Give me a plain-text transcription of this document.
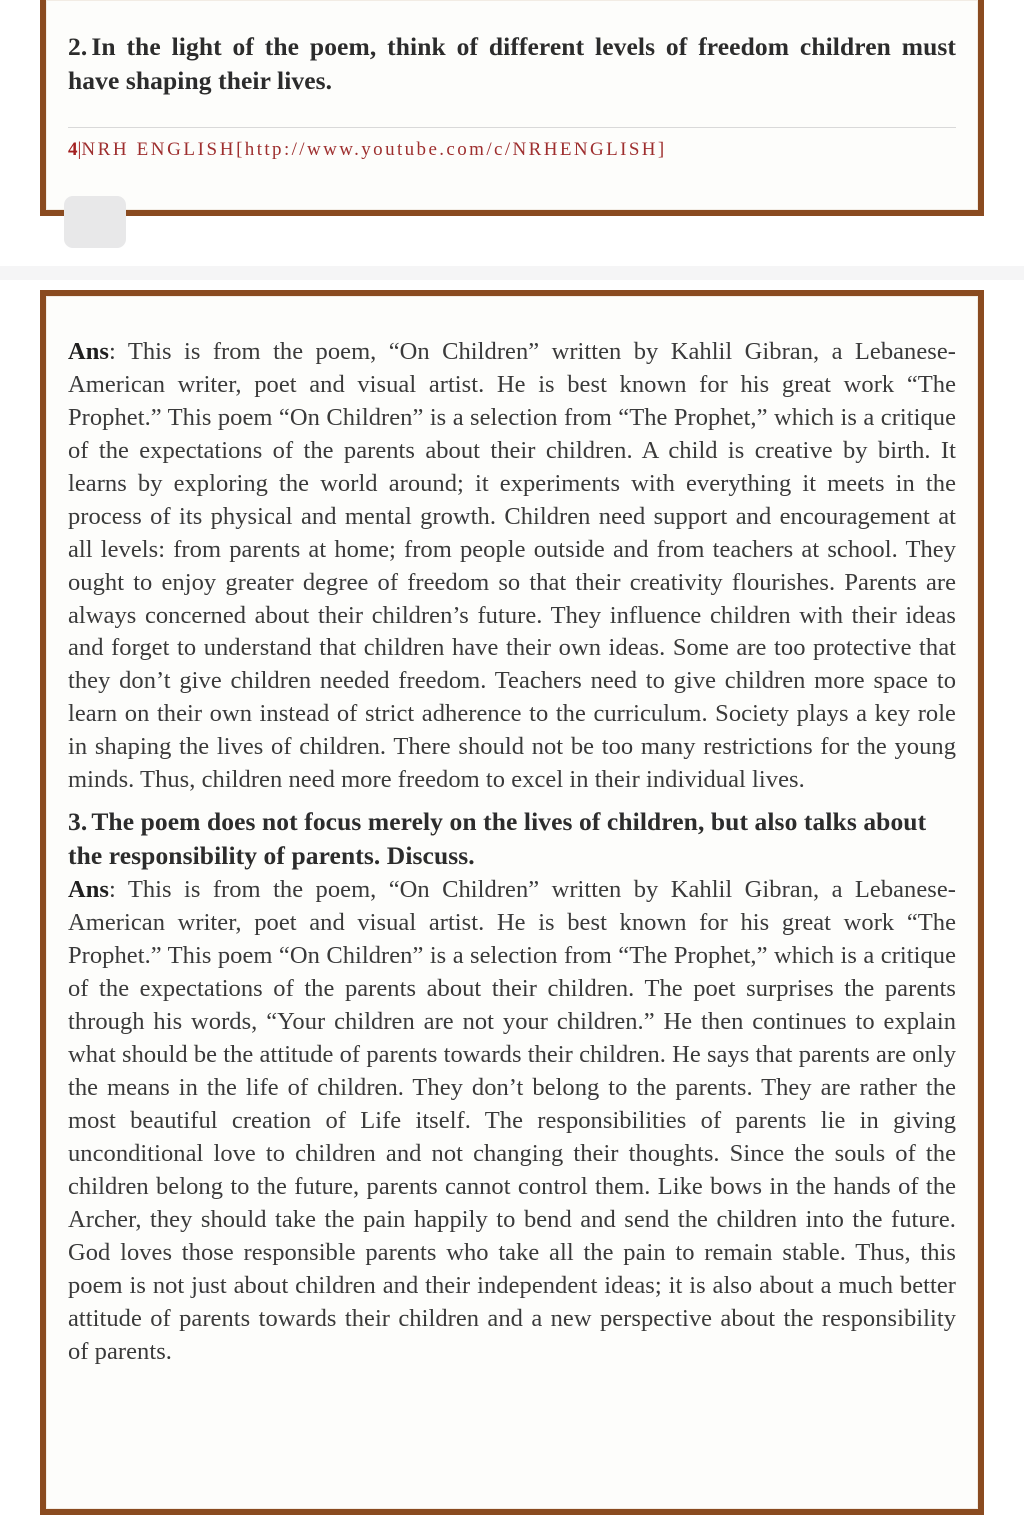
2. In the light of the poem, think of different levels of freedom children must have shaping their lives.

4|NRH ENGLISH[http://www.youtube.com/c/NRHENGLISH]

Ans: This is from the poem, “On Children” written by Kahlil Gibran, a Lebanese-American writer, poet and visual artist. He is best known for his great work “The Prophet.” This poem “On Children” is a selection from “The Prophet,” which is a critique of the expectations of the parents about their children. A child is creative by birth. It learns by exploring the world around; it experiments with everything it meets in the process of its physical and mental growth. Children need support and encouragement at all levels: from parents at home; from people outside and from teachers at school. They ought to enjoy greater degree of freedom so that their creativity flourishes. Parents are always concerned about their children’s future. They influence children with their ideas and forget to understand that children have their own ideas. Some are too protective that they don’t give children needed freedom. Teachers need to give children more space to learn on their own instead of strict adherence to the curriculum. Society plays a key role in shaping the lives of children. There should not be too many restrictions for the young minds. Thus, children need more freedom to excel in their individual lives.

3. The poem does not focus merely on the lives of children, but also talks about the responsibility of parents. Discuss.

Ans: This is from the poem, “On Children” written by Kahlil Gibran, a Lebanese-American writer, poet and visual artist. He is best known for his great work “The Prophet.” This poem “On Children” is a selection from “The Prophet,” which is a critique of the expectations of the parents about their children. The poet surprises the parents through his words, “Your children are not your children.” He then continues to explain what should be the attitude of parents towards their children. He says that parents are only the means in the life of children. They don’t belong to the parents. They are rather the most beautiful creation of Life itself. The responsibilities of parents lie in giving unconditional love to children and not changing their thoughts. Since the souls of the children belong to the future, parents cannot control them. Like bows in the hands of the Archer, they should take the pain happily to bend and send the children into the future. God loves those responsible parents who take all the pain to remain stable. Thus, this poem is not just about children and their independent ideas; it is also about a much better attitude of parents towards their children and a new perspective about the responsibility of parents.
